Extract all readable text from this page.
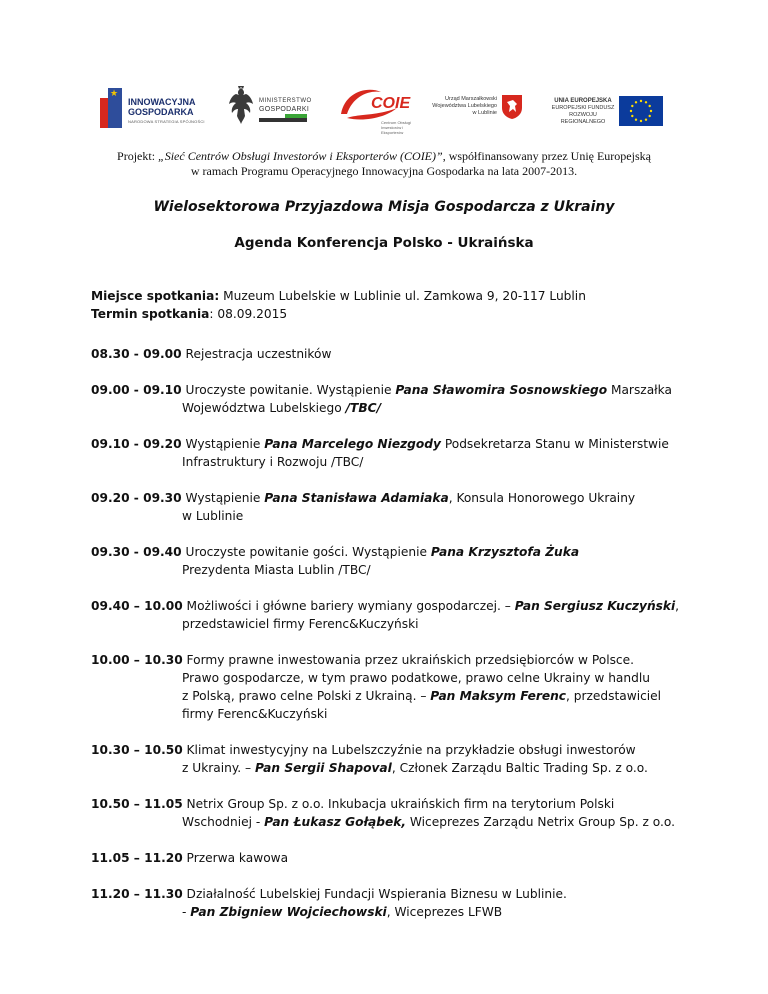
★
INNOWACYJNA
GOSPODARKA
NARODOWA STRATEGIA SPÓJNOŚCI
MINISTERSTWO
GOSPODARKI	COIE
Centrum Obsługi
Inwestorów i Eksporterów
Urząd Marszałkowski
Województwa Lubelskiego
w Lublinie
UNIA EUROPEJSKA
EUROPEJSKI FUNDUSZ
ROZWOJU REGIONALNEGO
Projekt: „Sieć Centrów Obsługi Investorów i Eksporterów (COIE)”, współfinansowany przez Unię Europejską
w ramach Programu Operacyjnego Innowacyjna Gospodarka na lata 2007-2013.
Wielosektorowa Przyjazdowa Misja Gospodarcza z Ukrainy
Agenda Konferencja Polsko - Ukraińska
Miejsce spotkania: Muzeum Lubelskie w Lublinie ul. Zamkowa 9, 20-117 Lublin
Termin spotkania: 08.09.2015
08.30 - 09.00 Rejestracja uczestników
09.00 - 09.10 Uroczyste powitanie. Wystąpienie Pana Sławomira Sosnowskiego Marszałka
Województwa Lubelskiego /TBC/
09.10 - 09.20 Wystąpienie Pana Marcelego Niezgody Podsekretarza Stanu w Ministerstwie
Infrastruktury i Rozwoju /TBC/
09.20 - 09.30 Wystąpienie Pana Stanisława Adamiaka, Konsula Honorowego Ukrainy
w Lublinie
09.30 - 09.40 Uroczyste powitanie gości. Wystąpienie Pana Krzysztofa Żuka
Prezydenta Miasta Lublin /TBC/
09.40 – 10.00 Możliwości i główne bariery wymiany gospodarczej. – Pan Sergiusz Kuczyński,
przedstawiciel firmy Ferenc&Kuczyński
10.00 – 10.30 Formy prawne inwestowania przez ukraińskich przedsiębiorców w Polsce.
Prawo gospodarcze, w tym prawo podatkowe, prawo celne Ukrainy w handlu
z Polską, prawo celne Polski z Ukrainą. – Pan Maksym Ferenc, przedstawiciel
firmy Ferenc&Kuczyński
10.30 – 10.50 Klimat inwestycyjny na Lubelszczyźnie na przykładzie obsługi inwestorów
z Ukrainy. – Pan Sergii Shapoval, Członek Zarządu Baltic Trading Sp. z o.o.
10.50 – 11.05 Netrix Group Sp. z o.o. Inkubacja ukraińskich firm na terytorium Polski
Wschodniej - Pan Łukasz Gołąbek, Wiceprezes Zarządu Netrix Group Sp. z o.o.
11.05 – 11.20 Przerwa kawowa
11.20 – 11.30 Działalność Lubelskiej Fundacji Wspierania Biznesu w Lublinie.
- Pan Zbigniew Wojciechowski, Wiceprezes LFWB
